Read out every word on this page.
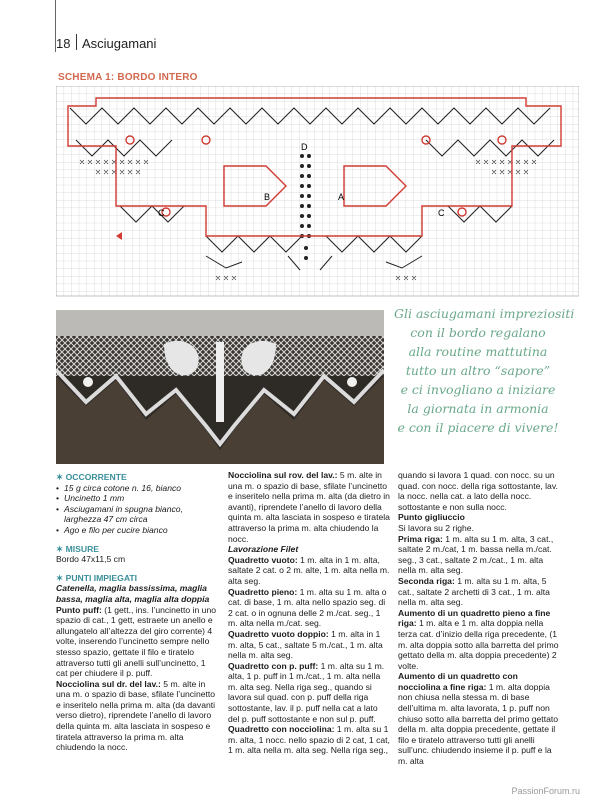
18 Asciugamani
SCHEMA 1: BORDO INTERO
B	A
D
C	C
Gli asciugamani impreziositi
con il bordo regalano
alla routine mattutina
tutto un altro “sapore”
e ci invogliano a iniziare
la giornata in armonia
e con il piacere di vivere!
✶ OCCORRENTE
• 15 g circa cotone n. 16, bianco
• Uncinetto 1 mm
• Asciugamani in spugna bianco, larghezza 47 cm circa
• Ago e filo per cucire bianco
✶ MISURE

Bordo 47x11,5 cm

✶ PUNTI IMPIEGATI

Catenella, maglia bassissima, maglia bassa, maglia alta, maglia alta doppia

Punto puff: (1 gett., ins. l’uncinetto in uno spazio di cat., 1 gett, estraete un anello e allungatelo all’altezza del giro corrente) 4 volte, inserendo l’uncinetto sempre nello stesso spazio, gettate il filo e tiratelo attraverso tutti gli anelli sull’uncinetto, 1 cat per chiudere il p. puff.

Nocciolina sul dr. del lav.: 5 m. alte in una m. o spazio di base, sfilate l’uncinetto e inseritelo nella prima m. alta (da davanti verso dietro), riprendete l’anello di lavoro della quinta m. alta lasciata in sospeso e tiratela attraverso la prima m. alta chiudendo la nocc.

Nocciolina sul rov. del lav.: 5 m. alte in una m. o spazio di base, sfilate l’uncinetto e inseritelo nella prima m. alta (da dietro in avanti), riprendete l’anello di lavoro della quinta m. alta lasciata in sospeso e tiratela attraverso la prima m. alta chiudendo la nocc.

Lavorazione Filet

Quadretto vuoto: 1 m. alta in 1 m. alta, saltate 2 cat. o 2 m. alte, 1 m. alta nella m. alta seg.

Quadretto pieno: 1 m. alta su 1 m. alta o cat. di base, 1 m. alta nello spazio seg. di 2 cat. o in ognuna delle 2 m./cat. seg., 1 m. alta nella m./cat. seg.

Quadretto vuoto doppio: 1 m. alta in 1 m. alta, 5 cat., saltate 5 m./cat., 1 m. alta nella m. alta seg.

Quadretto con p. puff: 1 m. alta su 1 m. alta, 1 p. puff in 1 m./cat., 1 m. alta nella m. alta seg. Nella riga seg., quando si lavora sul quad. con p. puff della riga sottostante, lav. il p. puff nella cat a lato del p. puff sottostante e non sul p. puff.

Quadretto con nocciolina: 1 m. alta su 1 m. alta, 1 nocc. nello spazio di 2 cat, 1 cat, 1 m. alta nella m. alta seg. Nella riga seg.,

quando si lavora 1 quad. con nocc. su un quad. con nocc. della riga sottostante, lav. la nocc. nella cat. a lato della nocc. sottostante e non sulla nocc.

Punto gigliuccio

Si lavora su 2 righe.

Prima riga: 1 m. alta su 1 m. alta, 3 cat., saltate 2 m./cat, 1 m. bassa nella m./cat. seg., 3 cat., saltate 2 m./cat., 1 m. alta nella m. alta seg.

Seconda riga: 1 m. alta su 1 m. alta, 5 cat., saltate 2 archetti di 3 cat., 1 m. alta nella m. alta seg.

Aumento di un quadretto pieno a fine riga: 1 m. alta e 1 m. alta doppia nella terza cat. d’inizio della riga precedente, (1 m. alta doppia sotto alla barretta del primo gettato della m. alta doppia precedente) 2 volte.

Aumento di un quadretto con nocciolina a fine riga: 1 m. alta doppia non chiusa nella stessa m. di base dell’ultima m. alta lavorata, 1 p. puff non chiuso sotto alla barretta del primo gettato della m. alta doppia precedente, gettate il filo e tiratelo attraverso tutti gli anelli sull’unc. chiudendo insieme il p. puff e la m. alta

PassionForum.ru
